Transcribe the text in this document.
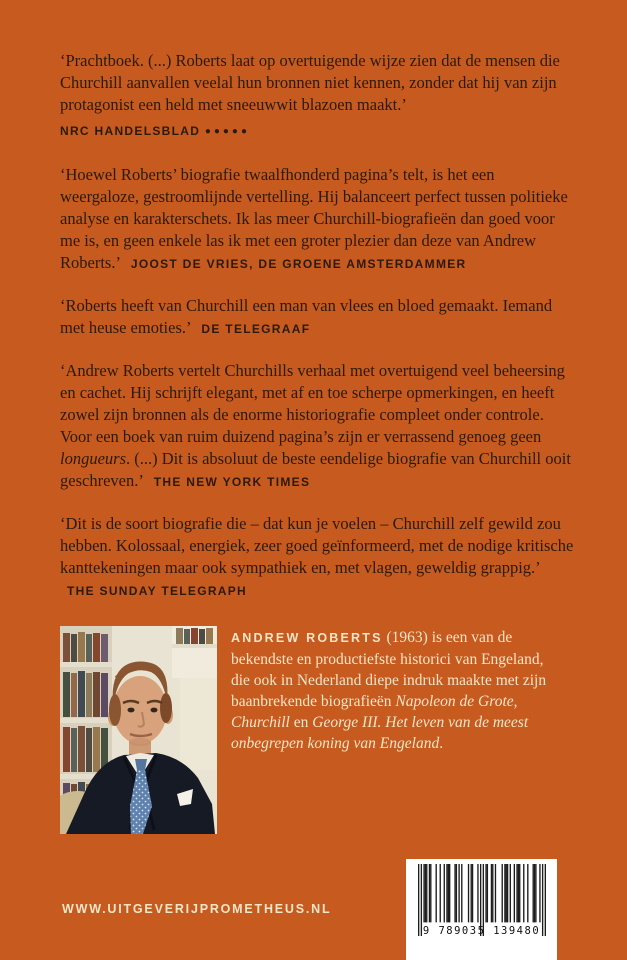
‘Prachtboek. (...) Roberts laat op overtuigende wijze zien dat de mensen die Churchill aanvallen veelal hun bronnen niet kennen, zonder dat hij van zijn protagonist een held met sneeuwwit blazoen maakt.’
NRC HANDELSBLAD ●●●●●

‘Hoewel Roberts’ biografie twaalfhonderd pagina’s telt, is het een weergaloze, gestroomlijnde vertelling. Hij balanceert perfect tussen politieke analyse en karakterschets. Ik las meer Churchill-biografieën dan goed voor me is, en geen enkele las ik met een groter plezier dan deze van Andrew Roberts.’ JOOST DE VRIES, DE GROENE AMSTERDAMMER

‘Roberts heeft van Churchill een man van vlees en bloed gemaakt. Iemand met heuse emoties.’ DE TELEGRAAF

‘Andrew Roberts vertelt Churchills verhaal met overtuigend veel beheersing en cachet. Hij schrijft elegant, met af en toe scherpe opmerkingen, en heeft zowel zijn bronnen als de enorme historiografie compleet onder controle. Voor een boek van ruim duizend pagina’s zijn er verrassend genoeg geen longueurs. (...) Dit is absoluut de beste eendelige biografie van Churchill ooit geschreven.’ THE NEW YORK TIMES

‘Dit is de soort biografie die – dat kun je voelen – Churchill zelf gewild zou hebben. Kolossaal, energiek, zeer goed geïnformeerd, met de nodige kritische kanttekeningen maar ook sympathiek en, met vlagen, geweldig grappig.’ THE SUNDAY TELEGRAPH

ANDREW ROBERTS (1963) is een van de bekendste en productiefste historici van Engeland, die ook in Nederland diepe indruk maakte met zijn baanbrekende biografieën Napoleon de Grote, Churchill en George III. Het leven van de meest onbegrepen koning van Engeland.
WWW.UITGEVERIJPROMETHEUS.NL
9 789035 139480
